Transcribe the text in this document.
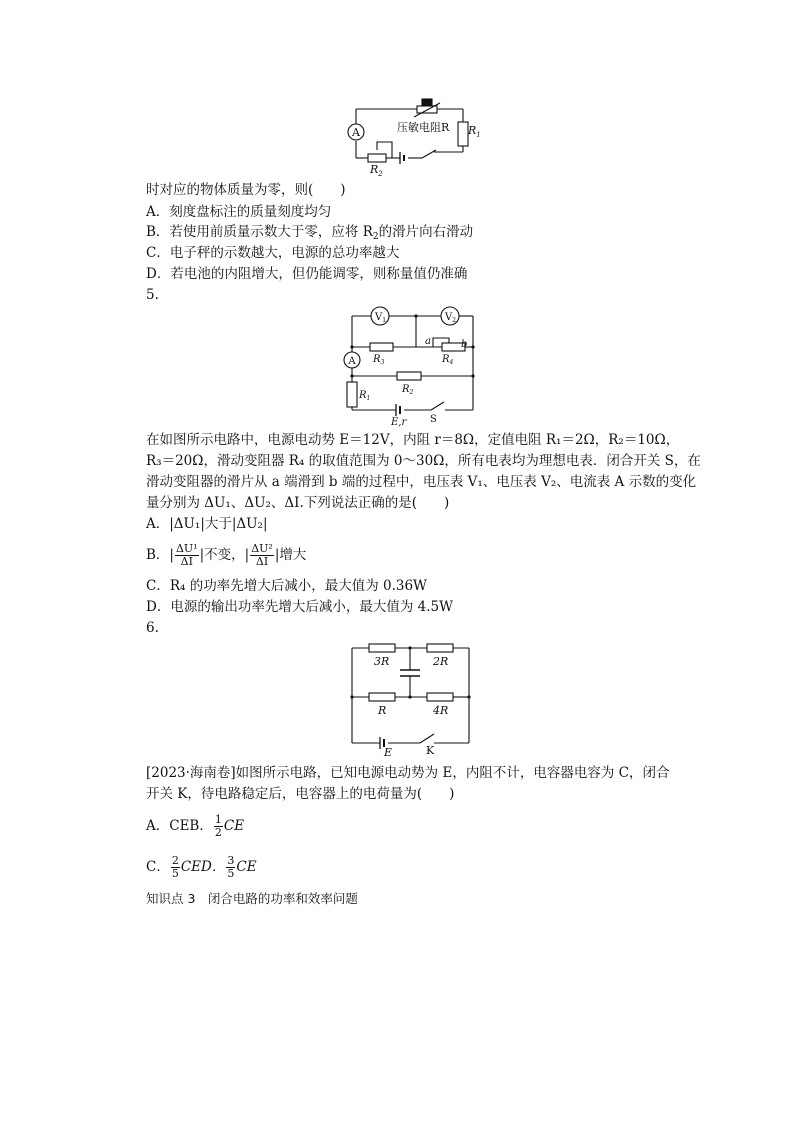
A	压敏电阻R $R_1$
$R_2$

时对应的物体质量为零，则(　　)

A．刻度盘标注的质量刻度均匀

B．若使用前质量示数大于零，应将 $R_2$的滑片向右滑动

C．电子秤的示数越大，电源的总功率越大

D．若电池的内阻增大，但仍能调零，则称量值仍准确

5.

$V_1$	$V_2$
A $R_3$	$R_4$
$R_2$
$R_1$
a	b
E,r S

在如图所示电路中，电源电动势 E＝12V，内阻 r＝8Ω，定值电阻 R₁＝2Ω，R₂＝10Ω，

R₃＝20Ω，滑动变阻器 R₄ 的取值范围为 0～30Ω，所有电表均为理想电表．闭合开关 S，在

滑动变阻器的滑片从 a 端滑到 b 端的过程中，电压表 V₁、电压表 V₂、电流表 A 示数的变化

量分别为 ΔU₁、ΔU₂、ΔI.下列说法正确的是(　　)

A．|ΔU₁|大于|ΔU₂|

B．| $\frac{\text{ΔU¹}}{\Delta I}$ |不变，| $\frac{\text{ΔU²}}{\Delta I}$ |增大

C．R₄ 的功率先增大后减小，最大值为 0.36W

D．电源的输出功率先增大后减小，最大值为 4.5W

6.

3R	2R
R	4R
E	K

[2023·海南卷]如图所示电路，已知电源电动势为 E，内阻不计，电容器电容为 C，闭合

开关 K，待电路稳定后，电容器上的电荷量为(　　)

A．CEB． $\frac{1}{2}$ CE

C． $\frac{2}{5}$ CED． $\frac{3}{5}$ CE

知识点 3　闭合电路的功率和效率问题
